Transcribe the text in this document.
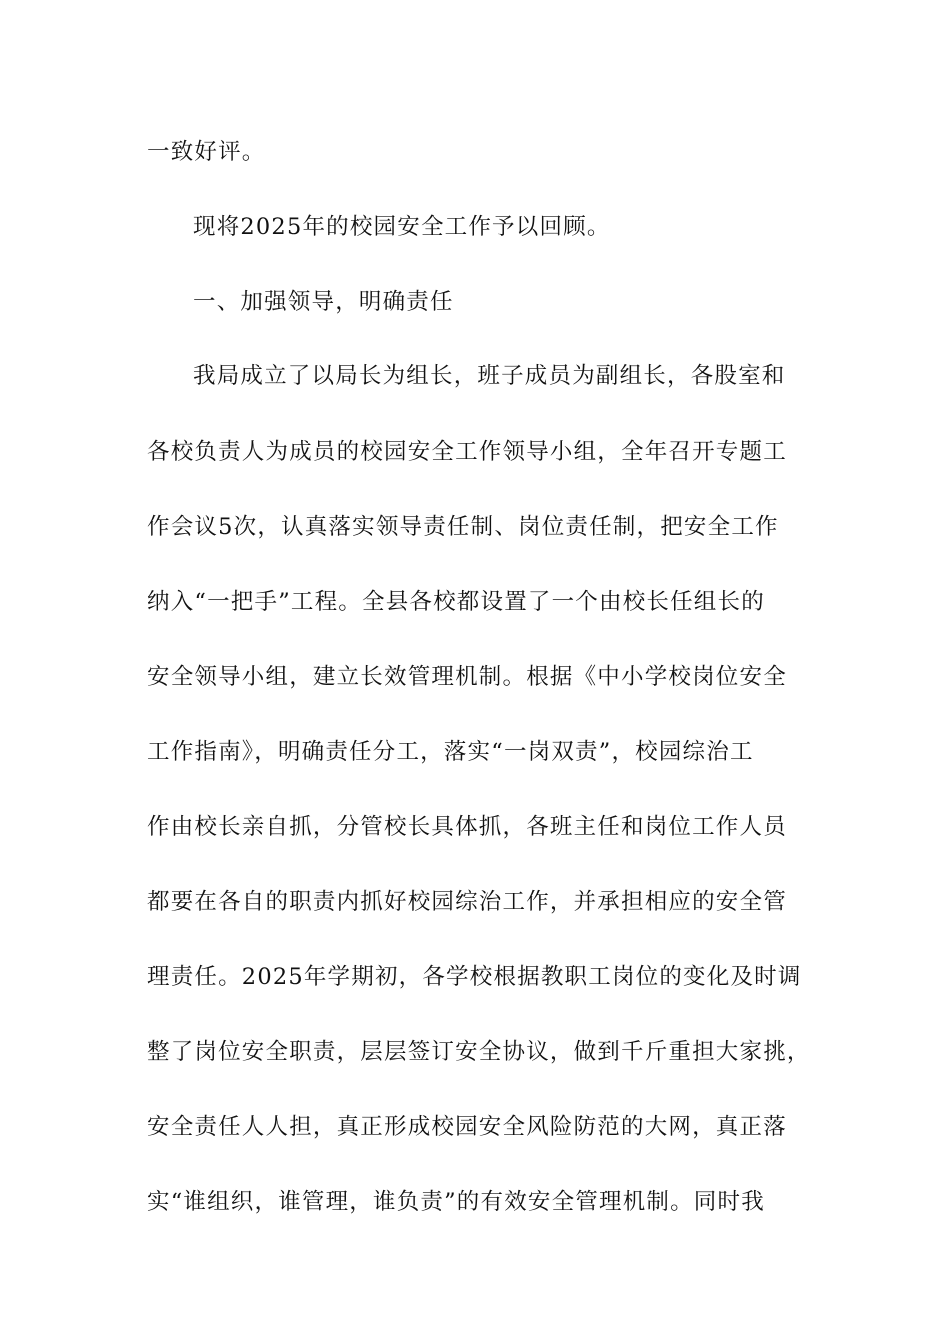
一致好评。
现将2025年的校园安全工作予以回顾。
一、加强领导，明确责任
我局成立了以局长为组长，班子成员为副组长，各股室和
各校负责人为成员的校园安全工作领导小组，全年召开专题工
作会议5次，认真落实领导责任制、岗位责任制，把安全工作
纳入“一把手”工程。全县各校都设置了一个由校长任组长的
安全领导小组，建立长效管理机制。根据《中小学校岗位安全
工作指南》，明确责任分工，落实“一岗双责”，校园综治工
作由校长亲自抓，分管校长具体抓，各班主任和岗位工作人员
都要在各自的职责内抓好校园综治工作，并承担相应的安全管
理责任。2025年学期初，各学校根据教职工岗位的变化及时调
整了岗位安全职责，层层签订安全协议，做到千斤重担大家挑，
安全责任人人担，真正形成校园安全风险防范的大网，真正落
实“谁组织，谁管理，谁负责”的有效安全管理机制。同时我
